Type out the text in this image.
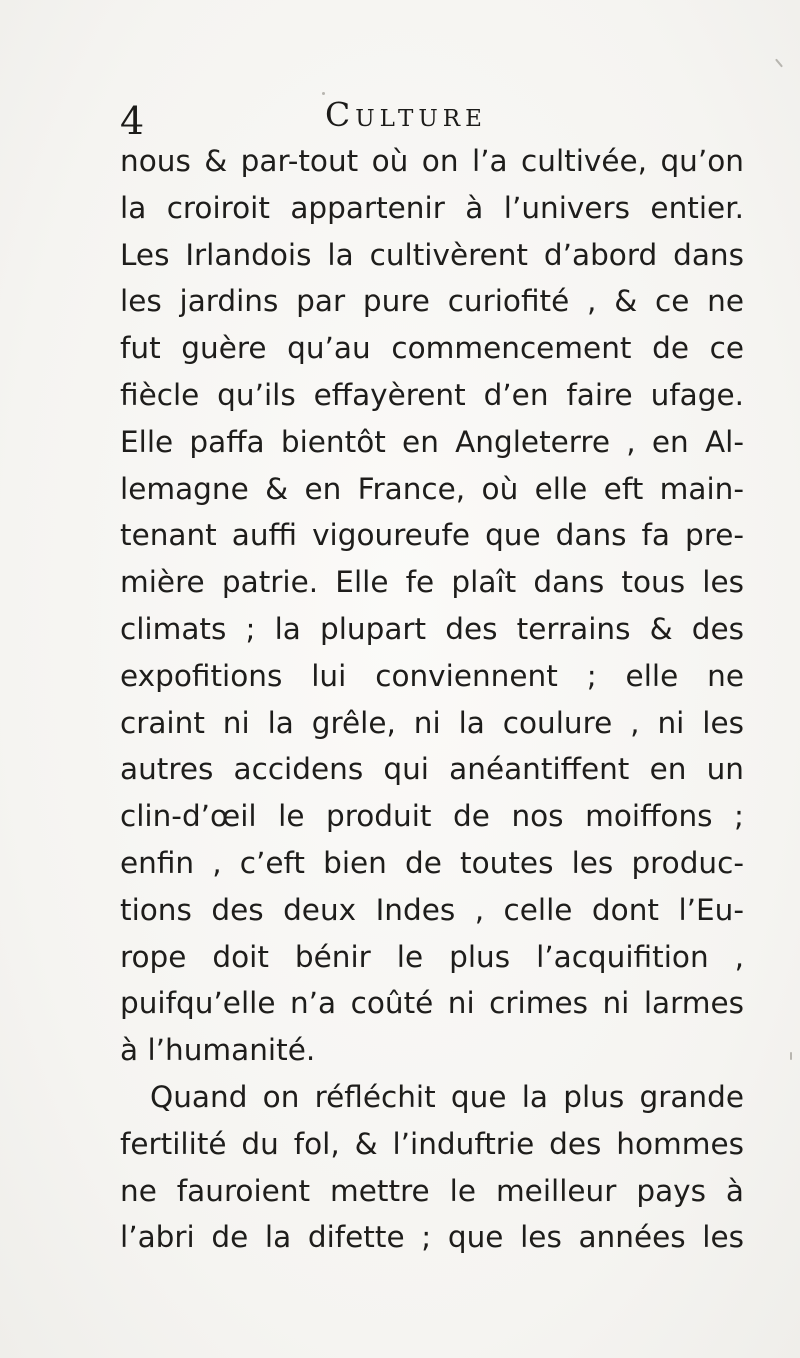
4	Culture
nous & par-tout où on l’a cultivée, qu’on
la croiroit appartenir à l’univers entier.
Les Irlandois la cultivèrent d’abord dans
les jardins par pure curiofité , & ce ne
fut guère qu’au commencement de ce
fiècle qu’ils effayèrent d’en faire ufage.
Elle paffa bientôt en Angleterre , en Al-
lemagne & en France, où elle eft main-
tenant auffi vigoureufe que dans fa pre-
mière patrie. Elle fe plaît dans tous les
climats ; la plupart des terrains & des
expofitions lui conviennent ; elle ne
craint ni la grêle, ni la coulure , ni les
autres accidens qui anéantiffent en un
clin-d’œil le produit de nos moiffons ;
enfin , c’eft bien de toutes les produc-
tions des deux Indes , celle dont l’Eu-
rope doit bénir le plus l’acquifition ,
puifqu’elle n’a coûté ni crimes ni larmes
à l’humanité.
Quand on réfléchit que la plus grande
fertilité du fol, & l’induftrie des hommes
ne fauroient mettre le meilleur pays à
l’abri de la difette ; que les années les
